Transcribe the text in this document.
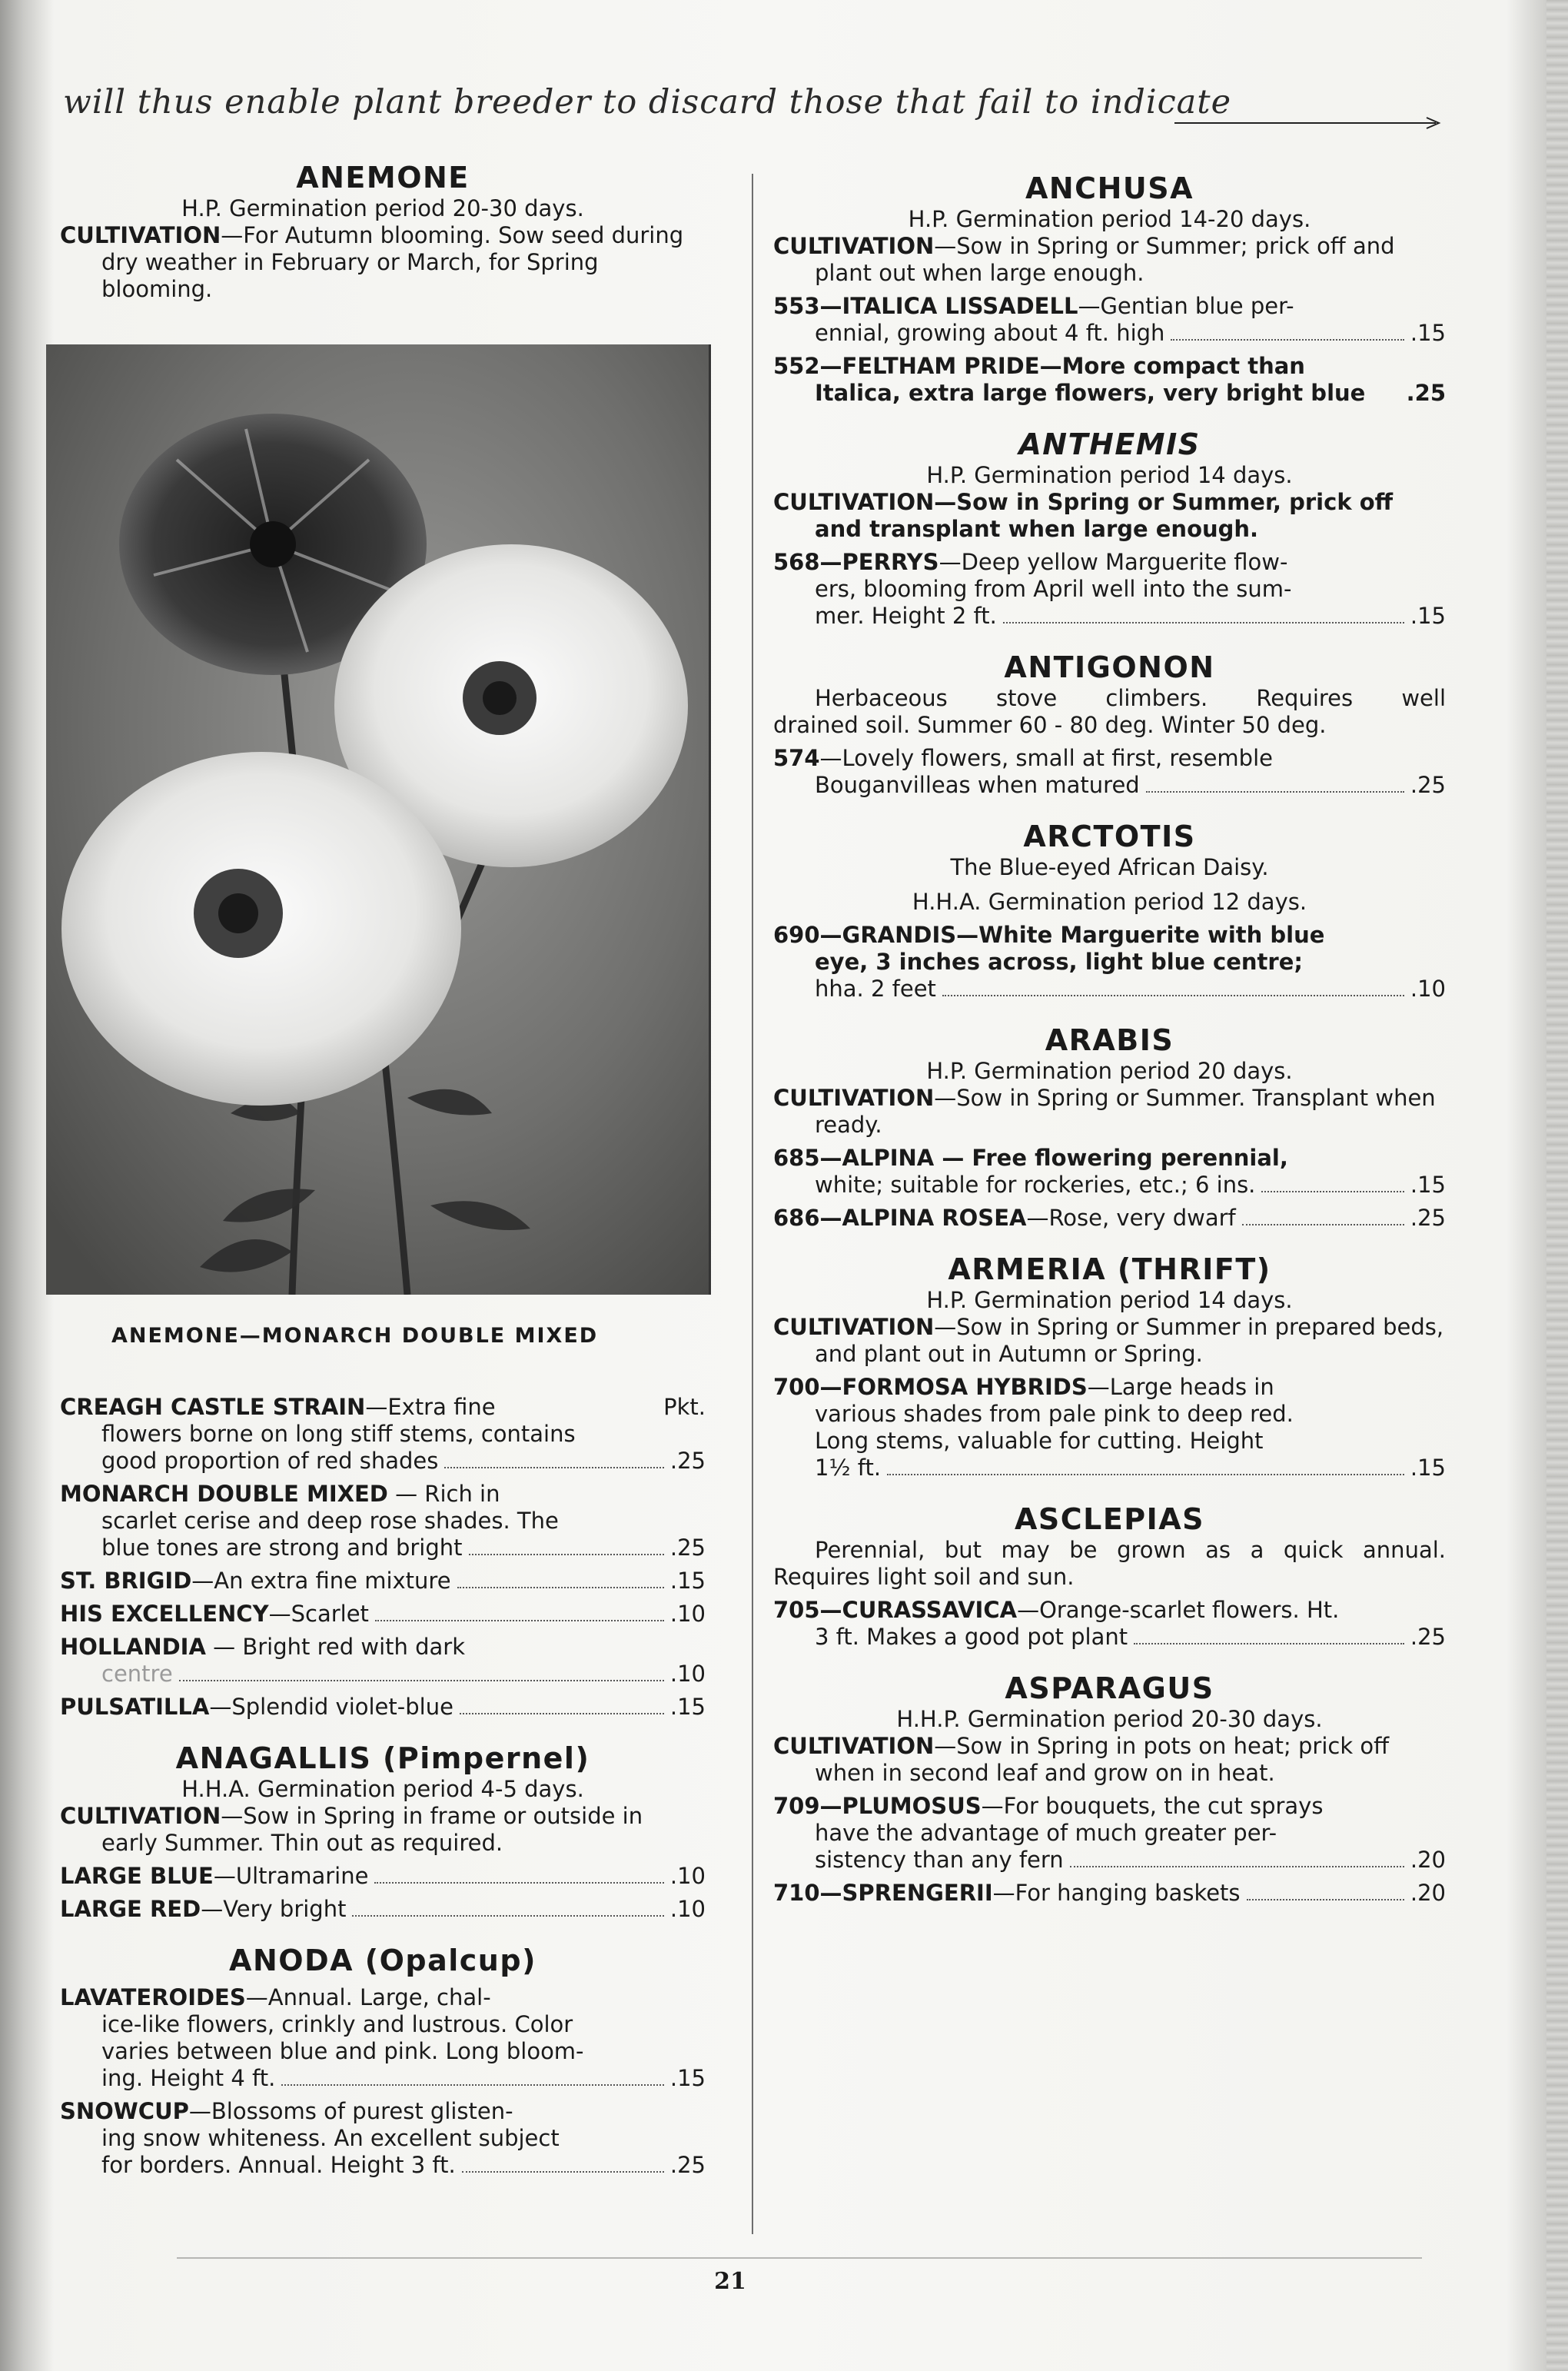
will thus enable plant breeder to discard those that fail to indicate
ANEMONE

H.P. Germination period 20-30 days.

CULTIVATION—For Autumn blooming. Sow seed during dry weather in February or March, for Spring blooming.

ANEMONE—MONARCH DOUBLE MIXED
CREAGH CASTLE STRAIN—Extra fine	Pkt.

flowers borne on long stiff stems, contains

good proportion of red shades	.25
MONARCH DOUBLE MIXED — Rich in

scarlet cerise and deep rose shades. The

blue tones are strong and bright	.25
ST. BRIGID—An extra fine mixture	.15
HIS EXCELLENCY—Scarlet	.10
HOLLANDIA — Bright red with dark
centre	.10
PULSATILLA—Splendid violet-blue	.15
ANAGALLIS (Pimpernel)

H.H.A. Germination period 4-5 days.

CULTIVATION—Sow in Spring in frame or outside in early Summer. Thin out as required.

LARGE BLUE—Ultramarine	.10
LARGE RED—Very bright	.10
ANODA (Opalcup)
LAVATEROIDES—Annual. Large, chal-

ice-like flowers, crinkly and lustrous. Color

varies between blue and pink. Long bloom-

ing. Height 4 ft.	.15
SNOWCUP—Blossoms of purest glisten-

ing snow whiteness. An excellent subject

for borders. Annual. Height 3 ft.	.25
ANCHUSA

H.P. Germination period 14-20 days.

CULTIVATION—Sow in Spring or Summer; prick off and plant out when large enough.

553—ITALICA LISSADELL—Gentian blue per-
ennial, growing about 4 ft. high	.15
552—FELTHAM PRIDE—More compact than
Italica, extra large flowers, very bright blue .25
ANTHEMIS

H.P. Germination period 14 days.

CULTIVATION—Sow in Spring or Summer, prick off and transplant when large enough.

568—PERRYS—Deep yellow Marguerite flow-

ers, blooming from April well into the sum-

mer. Height 2 ft.	.15
ANTIGONON

Herbaceous stove climbers. Requires well

drained soil. Summer 60 - 80 deg. Winter 50 deg.

574—Lovely flowers, small at first, resemble
Bouganvilleas when matured	.25
ARCTOTIS

The Blue-eyed African Daisy.

H.H.A. Germination period 12 days.

690—GRANDIS—White Marguerite with blue

eye, 3 inches across, light blue centre;

hha. 2 feet	.10
ARABIS

H.P. Germination period 20 days.

CULTIVATION—Sow in Spring or Summer. Transplant when ready.

685—ALPINA — Free flowering perennial,
white; suitable for rockeries, etc.; 6 ins.	.15
686—ALPINA ROSEA—Rose, very dwarf	.25
ARMERIA (THRIFT)

H.P. Germination period 14 days.

CULTIVATION—Sow in Spring or Summer in prepared beds, and plant out in Autumn or Spring.

700—FORMOSA HYBRIDS—Large heads in

various shades from pale pink to deep red.

Long stems, valuable for cutting. Height

1½ ft.	.15
ASCLEPIAS

Perennial, but may be grown as a quick annual.

Requires light soil and sun.

705—CURASSAVICA—Orange-scarlet flowers. Ht.
3 ft. Makes a good pot plant	.25
ASPARAGUS

H.H.P. Germination period 20-30 days.

CULTIVATION—Sow in Spring in pots on heat; prick off when in second leaf and grow on in heat.

709—PLUMOSUS—For bouquets, the cut sprays

have the advantage of much greater per-

sistency than any fern	.20
710—SPRENGERII—For hanging baskets	.20
21
